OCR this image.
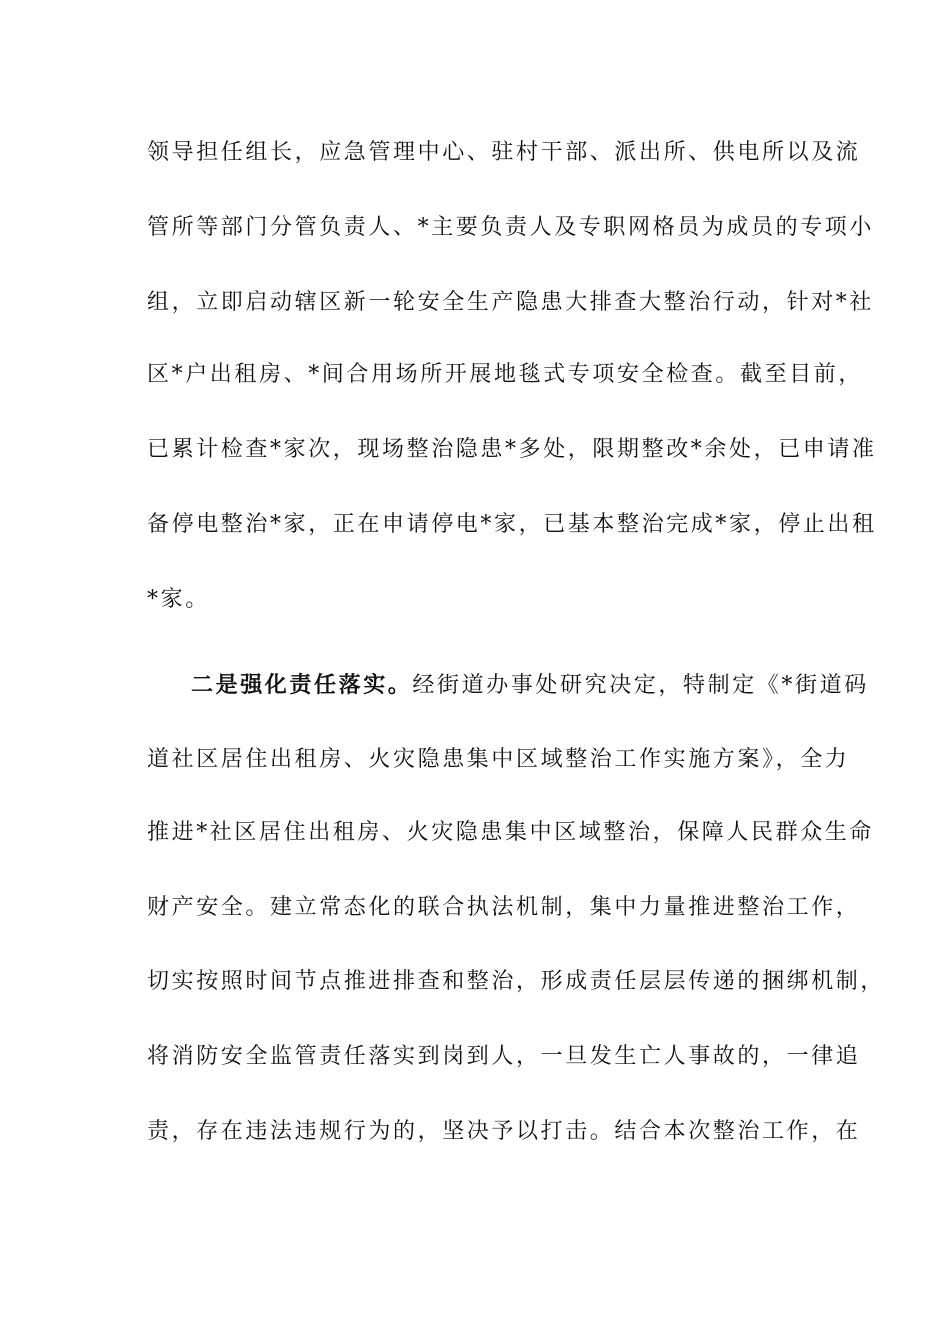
领导担任组长，应急管理中心、驻村干部、派出所、供电所以及流
管所等部门分管负责人、*主要负责人及专职网格员为成员的专项小
组，立即启动辖区新一轮安全生产隐患大排查大整治行动，针对*社
区*户出租房、*间合用场所开展地毯式专项安全检查。截至目前，
已累计检查*家次，现场整治隐患*多处，限期整改*余处，已申请准
备停电整治*家，正在申请停电*家，已基本整治完成*家，停止出租
*家。
二是强化责任落实。经街道办事处研究决定，特制定《*街道码
道社区居住出租房、火灾隐患集中区域整治工作实施方案》，全力
推进*社区居住出租房、火灾隐患集中区域整治，保障人民群众生命
财产安全。建立常态化的联合执法机制，集中力量推进整治工作，
切实按照时间节点推进排查和整治，形成责任层层传递的捆绑机制，
将消防安全监管责任落实到岗到人，一旦发生亡人事故的，一律追
责，存在违法违规行为的，坚决予以打击。结合本次整治工作，在
